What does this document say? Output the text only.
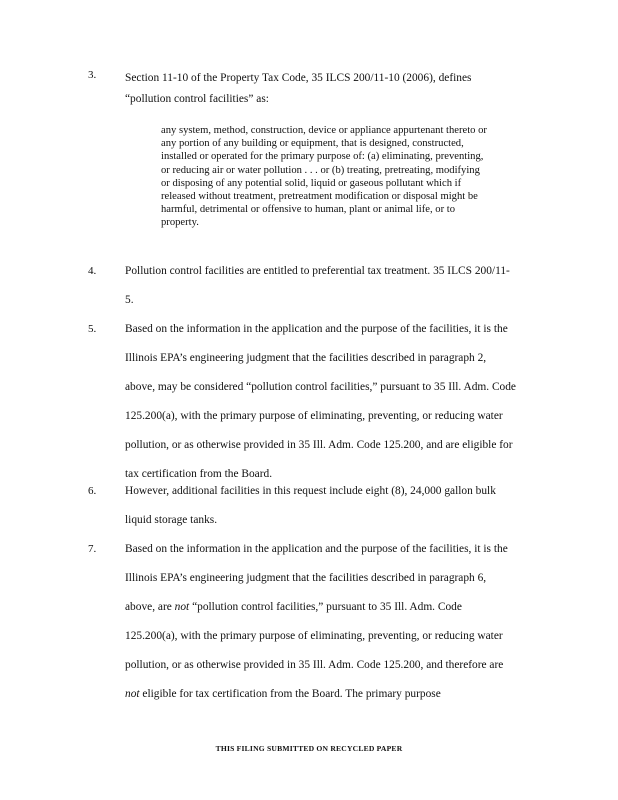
3.	Section 11-10 of the Property Tax Code, 35 ILCS 200/11-10 (2006), defines
“pollution control facilities” as:
any system, method, construction, device or appliance appurtenant thereto or any portion of any building or equipment, that is designed, constructed, installed or operated for the primary purpose of: (a) eliminating, preventing, or reducing air or water pollution . . . or (b) treating, pretreating, modifying or disposing of any potential solid, liquid or gaseous pollutant which if released without treatment, pretreatment modification or disposal might be harmful, detrimental or offensive to human, plant or animal life, or to property.
4.	Pollution control facilities are entitled to preferential tax treatment. 35 ILCS 200/11-5.
5.	Based on the information in the application and the purpose of the facilities, it is the Illinois EPA’s engineering judgment that the facilities described in paragraph 2, above, may be considered “pollution control facilities,” pursuant to 35 Ill. Adm. Code 125.200(a), with the primary purpose of eliminating, preventing, or reducing water pollution, or as otherwise provided in 35 Ill. Adm. Code 125.200, and are eligible for tax certification from the Board.
6.	However, additional facilities in this request include eight (8), 24,000 gallon bulk liquid storage tanks.
7.	Based on the information in the application and the purpose of the facilities, it is the Illinois EPA’s engineering judgment that the facilities described in paragraph 6, above, are not “pollution control facilities,” pursuant to 35 Ill. Adm. Code 125.200(a), with the primary purpose of eliminating, preventing, or reducing water pollution, or as otherwise provided in 35 Ill. Adm. Code 125.200, and therefore are not eligible for tax certification from the Board. The primary purpose
THIS FILING SUBMITTED ON RECYCLED PAPER
